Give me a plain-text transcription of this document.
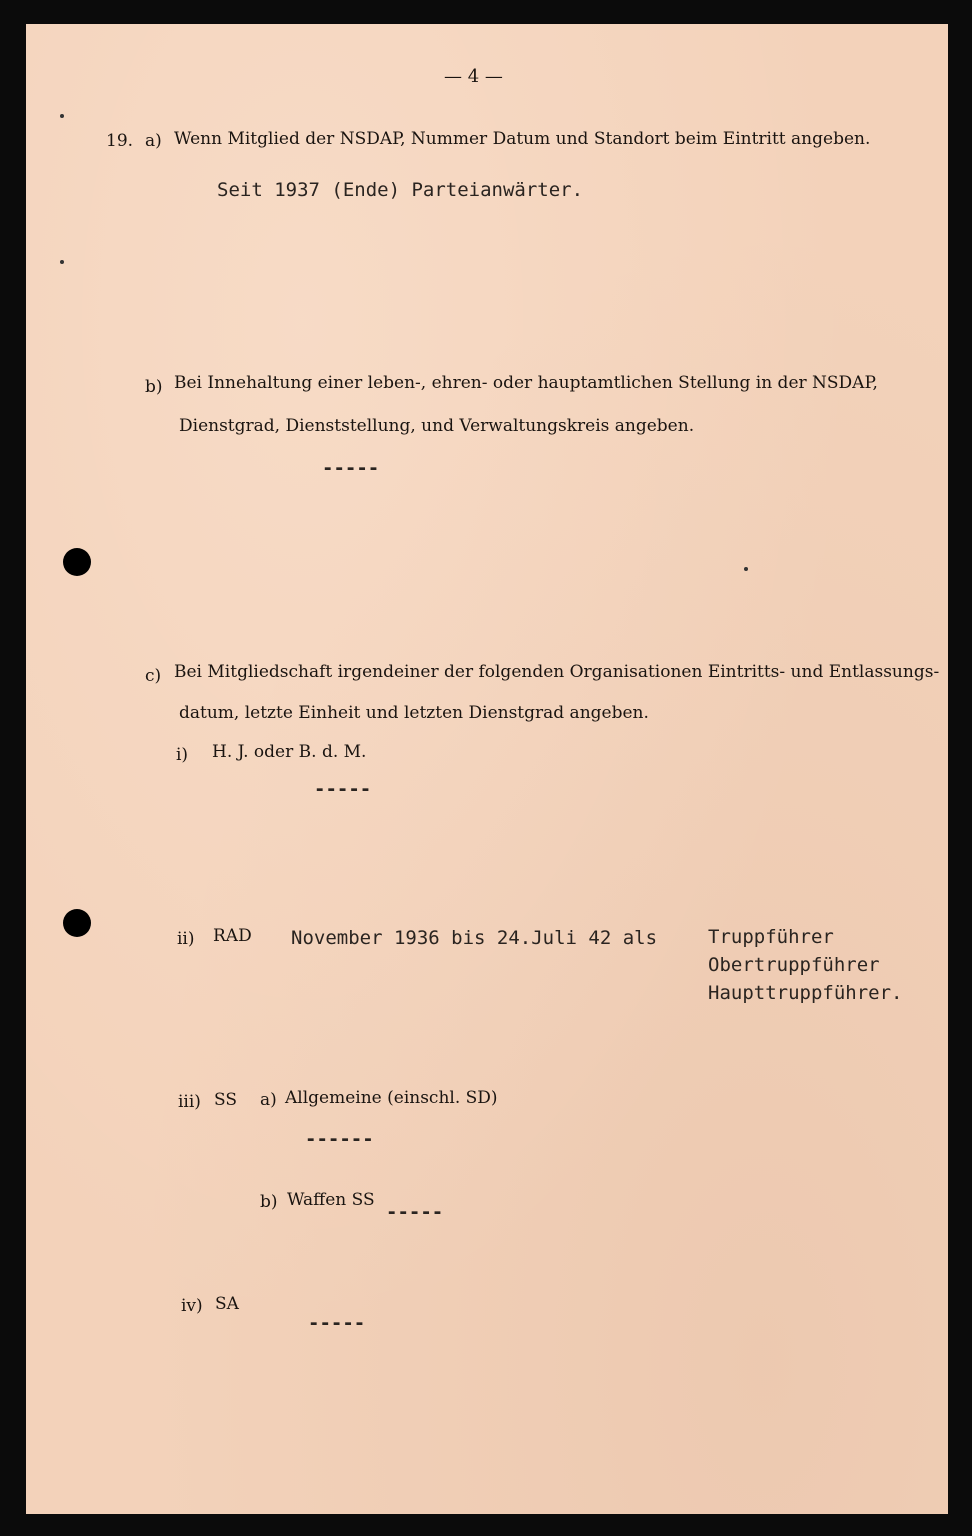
— 4 —
19. a) Wenn Mitglied der NSDAP, Nummer Datum und Standort beim Eintritt angeben.
Seit 1937 (Ende) Parteianwärter.
b) Bei Innehaltung einer leben-, ehren- oder hauptamtlichen Stellung in der NSDAP,
Dienstgrad, Dienststellung, und Verwaltungskreis angeben.
-----
c) Bei Mitgliedschaft irgendeiner der folgenden Organisationen Eintritts- und Entlassungs-
datum, letzte Einheit und letzten Dienstgrad angeben.
i) H. J. oder B. d. M.
-----
ii) RAD November 1936 bis 24.Juli 42 als	Truppführer
Obertruppführer
Haupttruppführer.
iii) SS a) Allgemeine (einschl. SD)
------
b) Waffen SS
-----
iv) SA
-----
